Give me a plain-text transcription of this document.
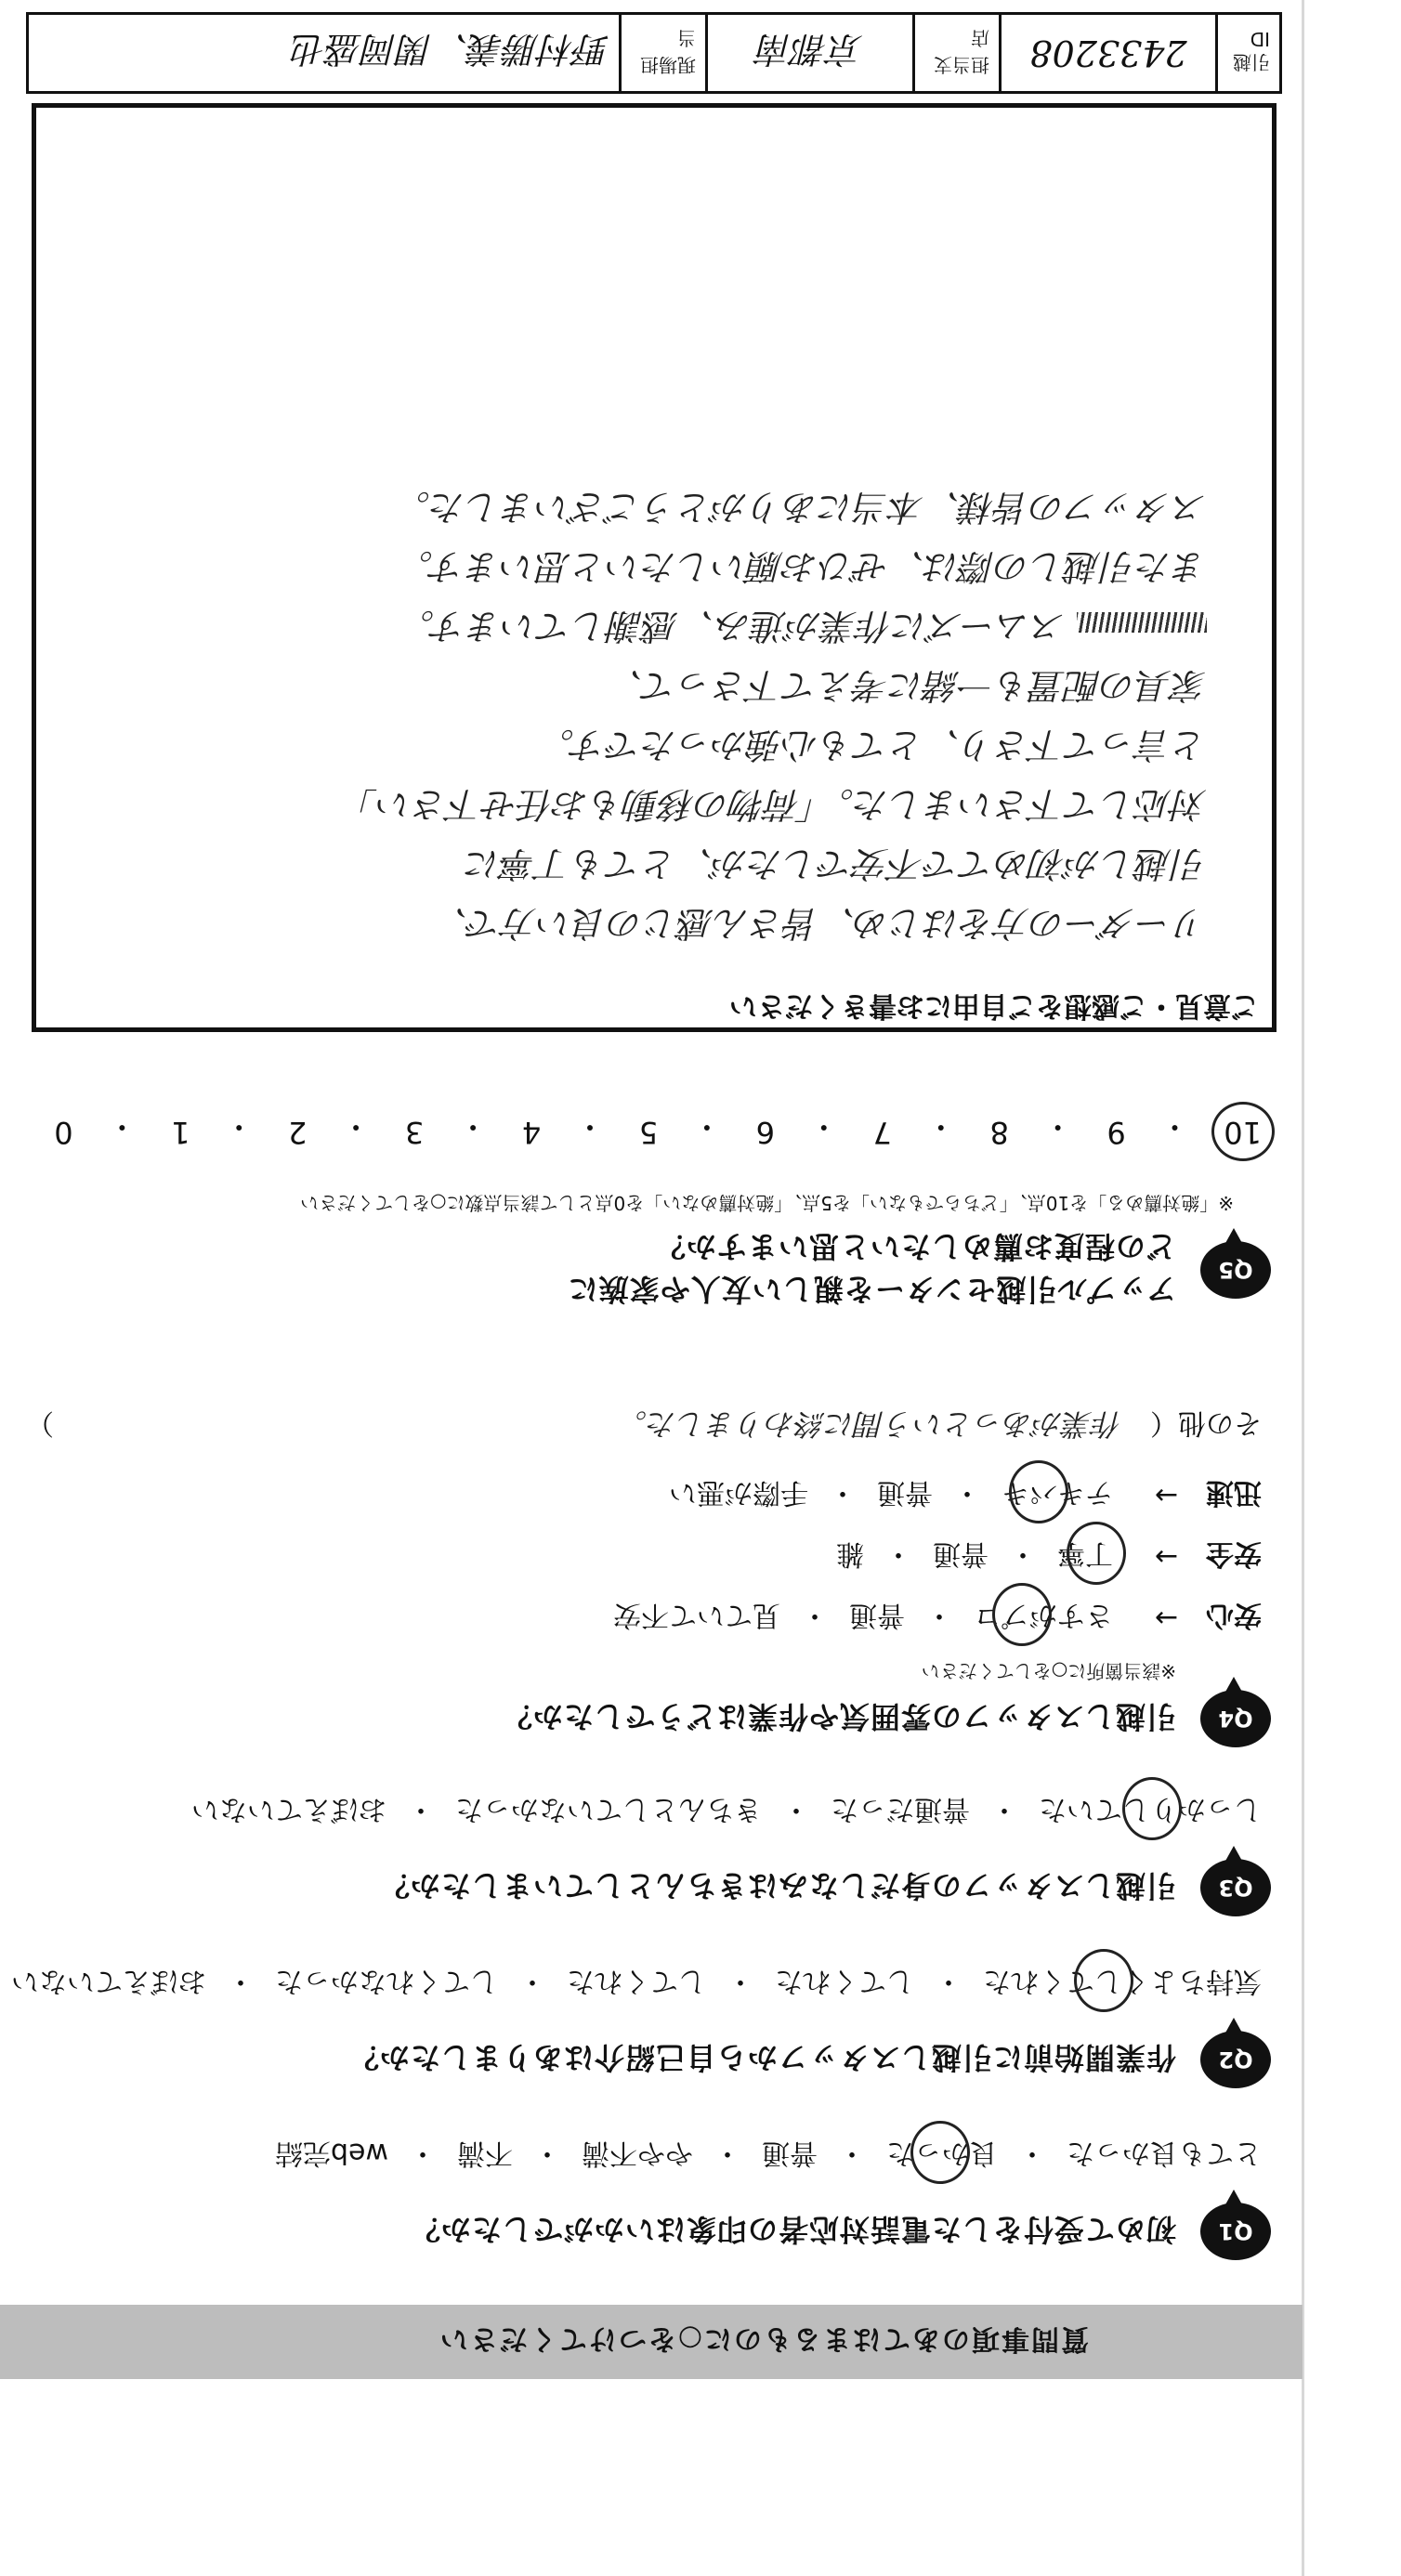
質問事項のあてはまるものに○をつけてください
Q1
初めて受付をした電話対応者の印象はいかがでしたか？
とても良かった
・
良かった
・
普通
・
やや不満
・
不満
・
web完結
Q2
作業開始前に引越しスタッフから自己紹介はありましたか？
気持ちよくしてくれた
・
してくれた
・
してくれた
・
してくれなかった
・
おぼえていない
Q3
引越しスタッフの身だしなみはきちんとしていましたか？
しっかりしていた
・
普通だった
・
きちんとしていなかった
・
おぼえていない
Q4
引越しスタッフの雰囲気や作業はどうでしたか？
※該当箇所に○をしてください
安心
→
さすがプロ
・
普通
・
見ていて不安
安全
→
丁寧
・
普通
・
雑
迅速
→
テキパキ
・
普通
・
手際が悪い
その他（
作業があっという間に終わりました。
）
Q5
アップル引越センターを親しい友人や家族に
どの程度お薦めしたいと思いますか？
※「絶対薦める」を10点、「どちらでもない」を5点、「絶対薦めない」を0点として該当点数に○をしてください
10
・
9
・
8
・
7
・
6
・
5
・
4
・
3
・
2
・
1
・
0
ご意見・ご感想をご自由にお書きください
リーダーの方をはじめ、皆さん感じの良い方で、
引越しが初めてで不安でしたが、とても丁寧に
対応して下さいました。「荷物の移動もお任せ下さい」
と言って下さり、とても心強かったです。
家具の配置も一緒に考えて下さって、
スムーズに作業が進み、感謝しています。
また引越しの際は、ぜひお願いしたいと思います。
スタッフの皆様、本当にありがとうございました。
引越ID
2433208
担当支店
京都南
現場担当
野村勝義、関岡盛也
